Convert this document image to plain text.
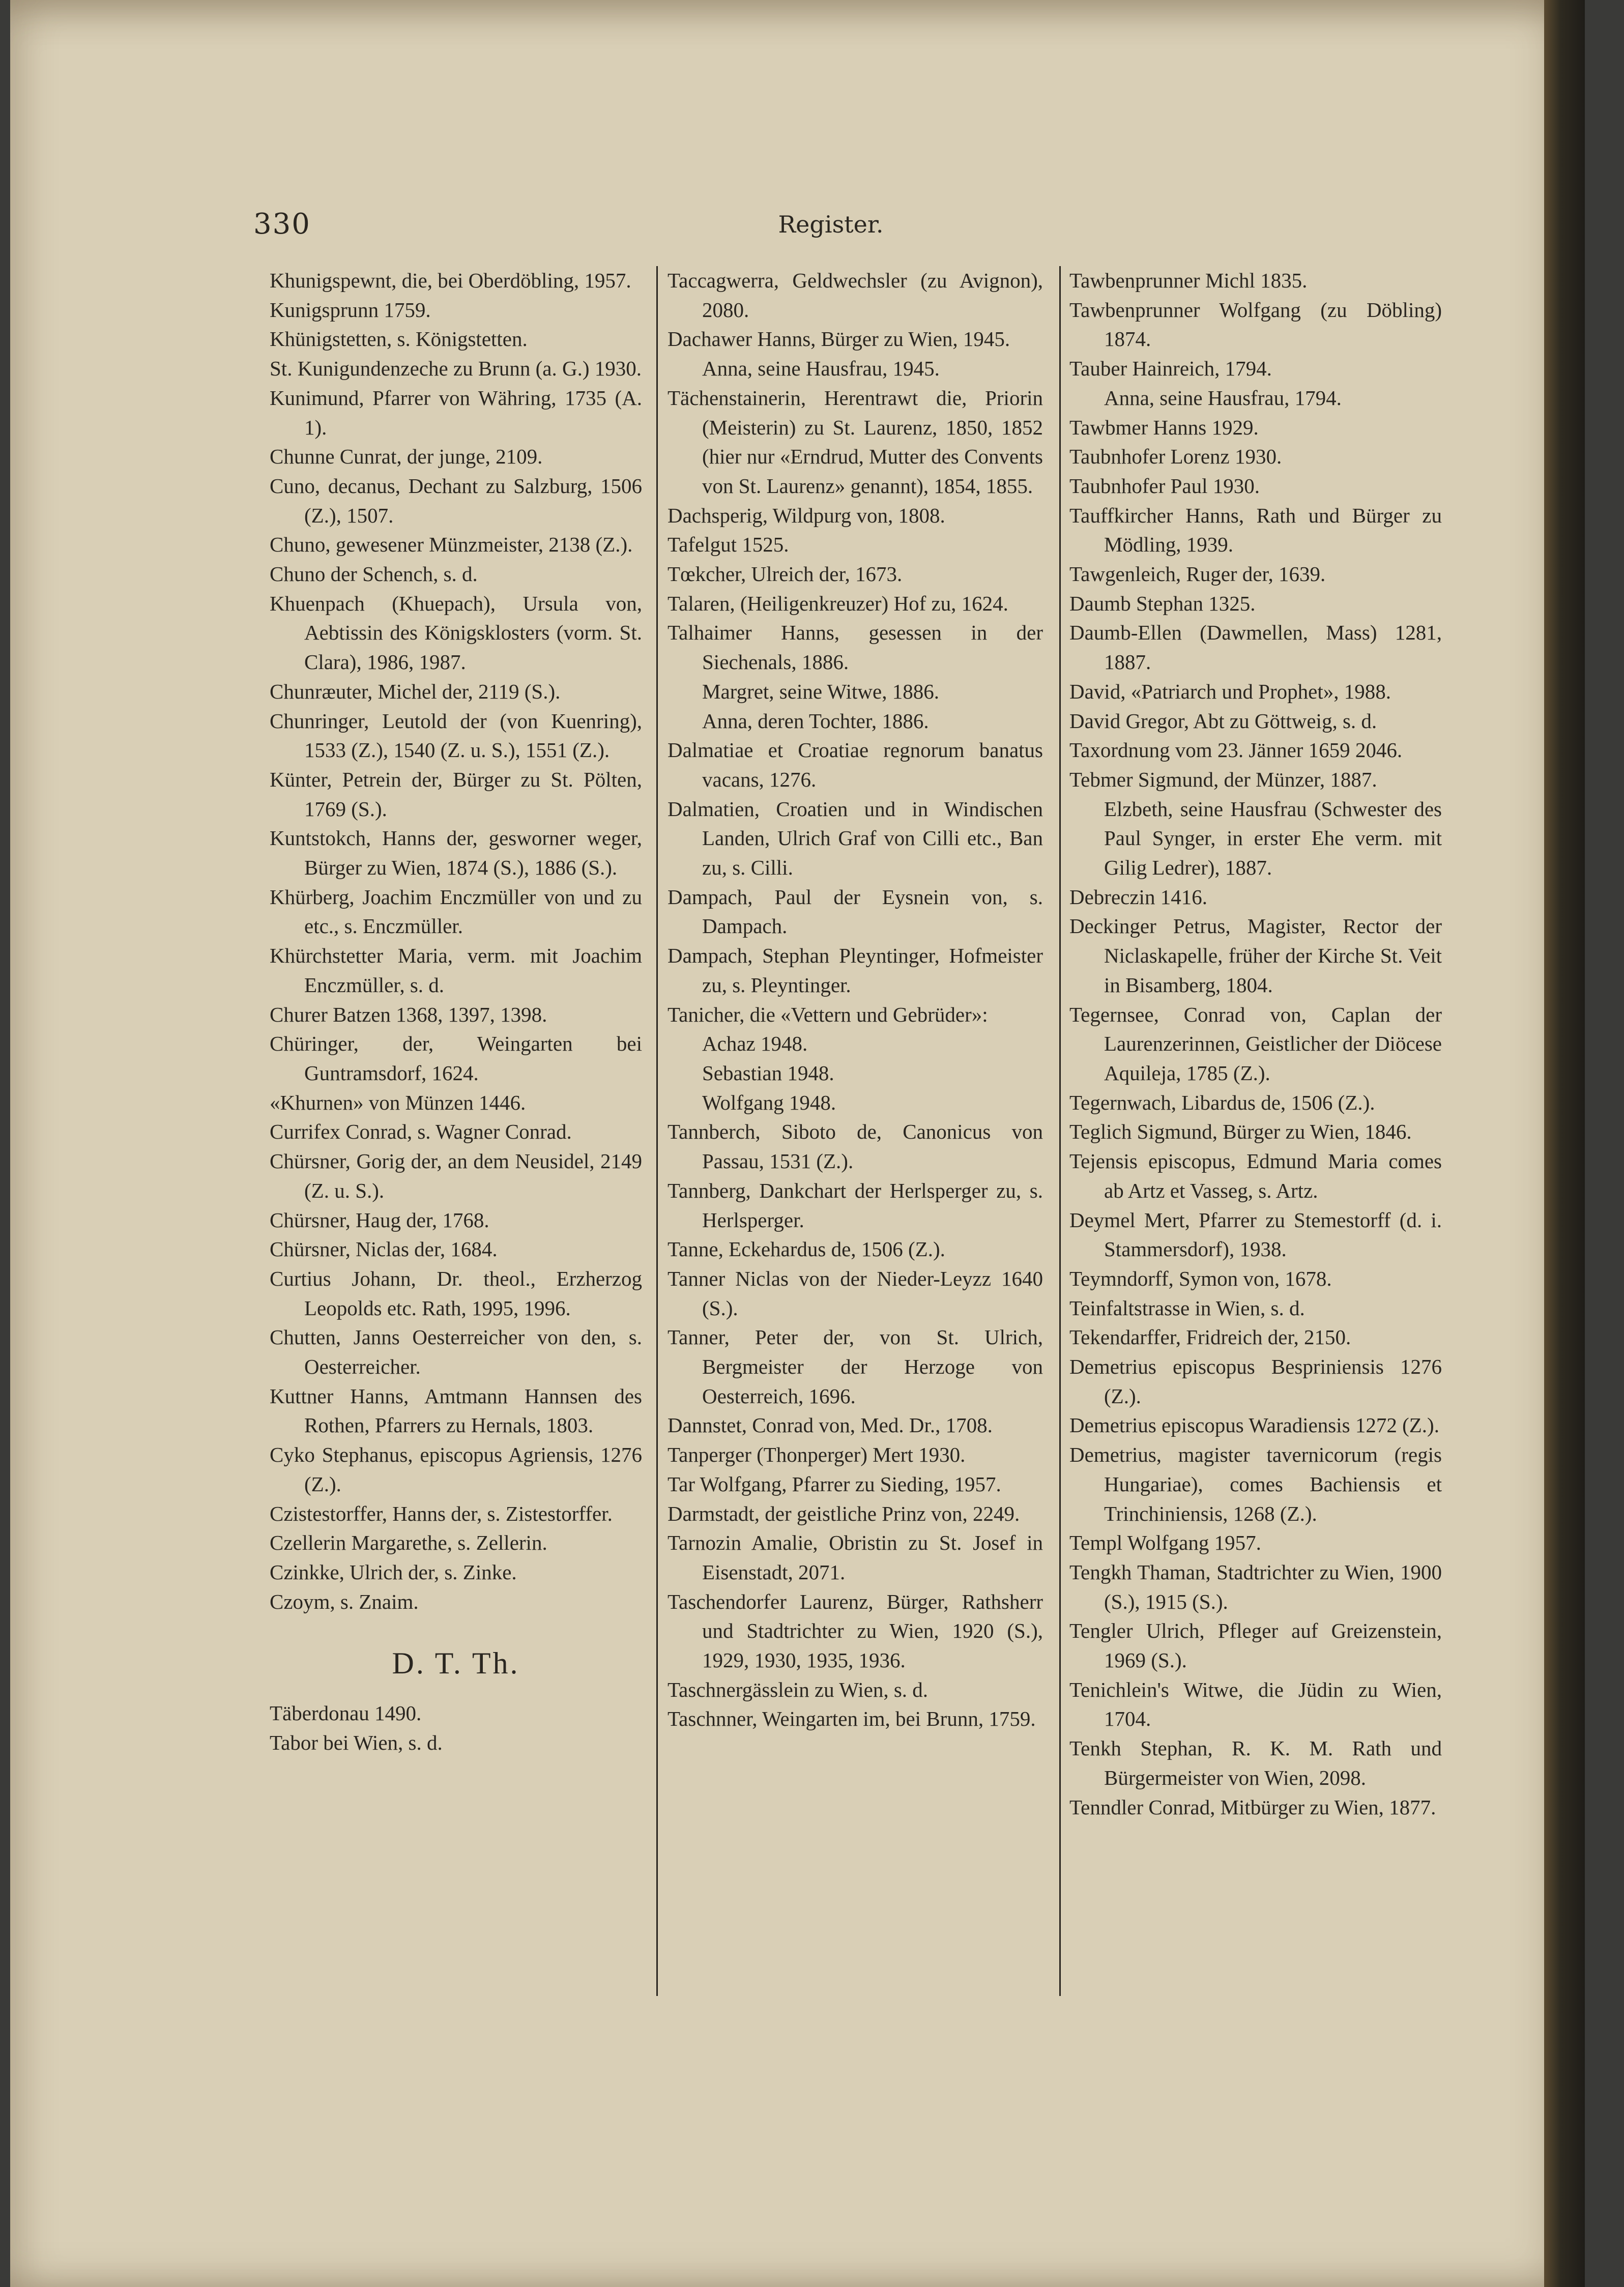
330	Register.

Khunigspewnt, die, bei Oberdöbling, 1957.

Kunigsprunn 1759.

Khünigstetten, s. Königstetten.

St. Kunigundenzeche zu Brunn (a. G.) 1930.

Kunimund, Pfarrer von Währing, 1735 (A. 1).

Chunne Cunrat, der junge, 2109.

Cuno, decanus, Dechant zu Salzburg, 1506 (Z.), 1507.

Chuno, gewesener Münzmeister, 2138 (Z.).

Chuno der Schench, s. d.

Khuenpach (Khuepach), Ursula von, Aebtissin des Königsklosters (vorm. St. Clara), 1986, 1987.

Chunræuter, Michel der, 2119 (S.).

Chunringer, Leutold der (von Kuenring), 1533 (Z.), 1540 (Z. u. S.), 1551 (Z.).

Künter, Petrein der, Bürger zu St. Pölten, 1769 (S.).

Kuntstokch, Hanns der, gesworner weger, Bürger zu Wien, 1874 (S.), 1886 (S.).

Khürberg, Joachim Enczmüller von und zu etc., s. Enczmüller.

Khürchstetter Maria, verm. mit Joachim Enczmüller, s. d.

Churer Batzen 1368, 1397, 1398.

Chüringer, der, Weingarten bei Guntramsdorf, 1624.

«Khurnen» von Münzen 1446.

Currifex Conrad, s. Wagner Conrad.

Chürsner, Gorig der, an dem Neusidel, 2149 (Z. u. S.).

Chürsner, Haug der, 1768.

Chürsner, Niclas der, 1684.

Curtius Johann, Dr. theol., Erzherzog Leopolds etc. Rath, 1995, 1996.

Chutten, Janns Oesterreicher von den, s. Oesterreicher.

Kuttner Hanns, Amtmann Hannsen des Rothen, Pfarrers zu Hernals, 1803.

Cyko Stephanus, episcopus Agriensis, 1276 (Z.).

Czistestorffer, Hanns der, s. Zistestorffer.

Czellerin Margarethe, s. Zellerin.

Czinkke, Ulrich der, s. Zinke.

Czoym, s. Znaim.

D. T. Th.

Täberdonau 1490.

Tabor bei Wien, s. d.

Taccagwerra, Geldwechsler (zu Avignon), 2080.

Dachawer Hanns, Bürger zu Wien, 1945.

Anna, seine Hausfrau, 1945.

Tächenstainerin, Herentrawt die, Priorin (Meisterin) zu St. Laurenz, 1850, 1852 (hier nur «Erndrud, Mutter des Convents von St. Laurenz» genannt), 1854, 1855.

Dachsperig, Wildpurg von, 1808.

Tafelgut 1525.

Tœkcher, Ulreich der, 1673.

Talaren, (Heiligenkreuzer) Hof zu, 1624.

Talhaimer Hanns, gesessen in der Siechenals, 1886.

Margret, seine Witwe, 1886.

Anna, deren Tochter, 1886.

Dalmatiae et Croatiae regnorum banatus vacans, 1276.

Dalmatien, Croatien und in Windischen Landen, Ulrich Graf von Cilli etc., Ban zu, s. Cilli.

Dampach, Paul der Eysnein von, s. Dampach.

Dampach, Stephan Pleyntinger, Hofmeister zu, s. Pleyntinger.

Tanicher, die «Vettern und Gebrüder»:

Achaz 1948.

Sebastian 1948.

Wolfgang 1948.

Tannberch, Siboto de, Canonicus von Passau, 1531 (Z.).

Tannberg, Dankchart der Herlsperger zu, s. Herlsperger.

Tanne, Eckehardus de, 1506 (Z.).

Tanner Niclas von der Nieder-Leyzz 1640 (S.).

Tanner, Peter der, von St. Ulrich, Bergmeister der Herzoge von Oesterreich, 1696.

Dannstet, Conrad von, Med. Dr., 1708.

Tanperger (Thonperger) Mert 1930.

Tar Wolfgang, Pfarrer zu Sieding, 1957.

Darmstadt, der geistliche Prinz von, 2249.

Tarnozin Amalie, Obristin zu St. Josef in Eisenstadt, 2071.

Taschendorfer Laurenz, Bürger, Rathsherr und Stadtrichter zu Wien, 1920 (S.), 1929, 1930, 1935, 1936.

Taschnergässlein zu Wien, s. d.

Taschnner, Weingarten im, bei Brunn, 1759.

Tawbenprunner Michl 1835.

Tawbenprunner Wolfgang (zu Döbling) 1874.

Tauber Hainreich, 1794.

Anna, seine Hausfrau, 1794.

Tawbmer Hanns 1929.

Taubnhofer Lorenz 1930.

Taubnhofer Paul 1930.

Tauffkircher Hanns, Rath und Bürger zu Mödling, 1939.

Tawgenleich, Ruger der, 1639.

Daumb Stephan 1325.

Daumb-Ellen (Dawmellen, Mass) 1281, 1887.

David, «Patriarch und Prophet», 1988.

David Gregor, Abt zu Göttweig, s. d.

Taxordnung vom 23. Jänner 1659 2046.

Tebmer Sigmund, der Münzer, 1887.

Elzbeth, seine Hausfrau (Schwester des Paul Synger, in erster Ehe verm. mit Gilig Ledrer), 1887.

Debreczin 1416.

Deckinger Petrus, Magister, Rector der Niclaskapelle, früher der Kirche St. Veit in Bisamberg, 1804.

Tegernsee, Conrad von, Caplan der Laurenzerinnen, Geistlicher der Diöcese Aquileja, 1785 (Z.).

Tegernwach, Libardus de, 1506 (Z.).

Teglich Sigmund, Bürger zu Wien, 1846.

Tejensis episcopus, Edmund Maria comes ab Artz et Vasseg, s. Artz.

Deymel Mert, Pfarrer zu Stemestorff (d. i. Stammersdorf), 1938.

Teymndorff, Symon von, 1678.

Teinfaltstrasse in Wien, s. d.

Tekendarffer, Fridreich der, 2150.

Demetrius episcopus Bespriniensis 1276 (Z.).

Demetrius episcopus Waradiensis 1272 (Z.).

Demetrius, magister tavernicorum (regis Hungariae), comes Bachiensis et Trinchiniensis, 1268 (Z.).

Templ Wolfgang 1957.

Tengkh Thaman, Stadtrichter zu Wien, 1900 (S.), 1915 (S.).

Tengler Ulrich, Pfleger auf Greizenstein, 1969 (S.).

Tenichlein's Witwe, die Jüdin zu Wien, 1704.

Tenkh Stephan, R. K. M. Rath und Bürgermeister von Wien, 2098.

Tenndler Conrad, Mitbürger zu Wien, 1877.
